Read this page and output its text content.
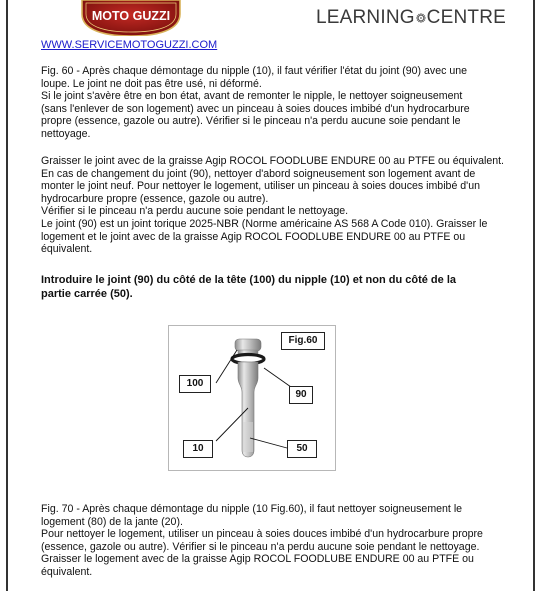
MOTO GUZZI	LEARNING CENTRE
WWW.SERVICEMOTOGUZZI.COM

Fig. 60 - Après chaque démontage du nipple (10), il faut vérifier l'état du joint (90) avec une

loupe. Le joint ne doit pas être usé, ni déformé.

Si le joint s'avère être en bon état, avant de remonter le nipple, le nettoyer soigneusement

(sans l'enlever de son logement) avec un pinceau à soies douces imbibé d'un hydrocarbure

propre (essence, gazole ou autre). Vérifier si le pinceau n'a perdu aucune soie pendant le

nettoyage.

Graisser le joint avec de la graisse Agip ROCOL FOODLUBE ENDURE 00 au PTFE ou équivalent.

En cas de changement du joint (90), nettoyer d'abord soigneusement son logement avant de

monter le joint neuf. Pour nettoyer le logement, utiliser un pinceau à soies douces imbibé d'un

hydrocarbure propre (essence, gazole ou autre).

Vérifier si le pinceau n'a perdu aucune soie pendant le nettoyage.

Le joint (90) est un joint torique 2025-NBR (Norme américaine AS 568 A Code 010). Graisser le

logement et le joint avec de la graisse Agip ROCOL FOODLUBE ENDURE 00 au PTFE ou

équivalent.

Introduire le joint (90) du côté de la tête (100) du nipple (10) et non du côté de la

partie carrée (50).

Fig.60
100
90
10	50

Fig. 70 - Après chaque démontage du nipple (10 Fig.60), il faut nettoyer soigneusement le

logement (80) de la jante (20).

Pour nettoyer le logement, utiliser un pinceau à soies douces imbibé d'un hydrocarbure propre

(essence, gazole ou autre). Vérifier si le pinceau n'a perdu aucune soie pendant le nettoyage.

Graisser le logement avec de la graisse Agip ROCOL FOODLUBE ENDURE 00 au PTFE ou

équivalent.
